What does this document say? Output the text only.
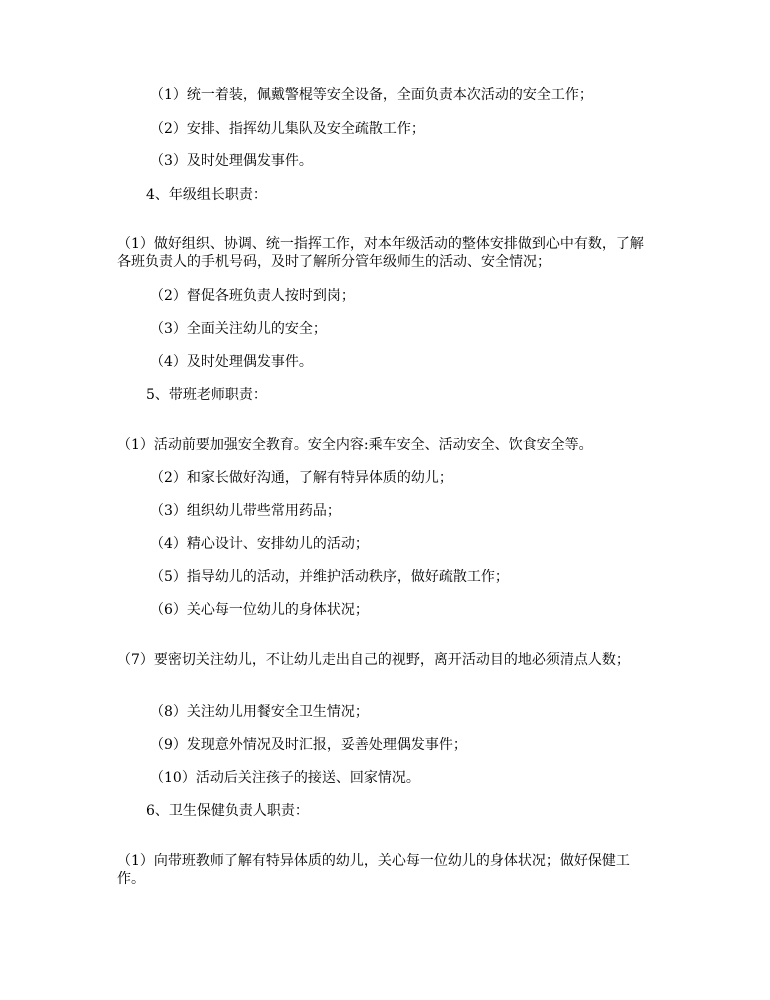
（1）统一着装，佩戴警棍等安全设备，全面负责本次活动的安全工作；
（2）安排、指挥幼儿集队及安全疏散工作；
（3）及时处理偶发事件。
4、年级组长职责：
（1）做好组织、协调、统一指挥工作，对本年级活动的整体安排做到心中有数，了解各班负责人的手机号码，及时了解所分管年级师生的活动、安全情况；
（2）督促各班负责人按时到岗；
（3）全面关注幼儿的安全；
（4）及时处理偶发事件。
5、带班老师职责：
（1）活动前要加强安全教育。安全内容:乘车安全、活动安全、饮食安全等。
（2）和家长做好沟通，了解有特异体质的幼儿；
（3）组织幼儿带些常用药品；
（4）精心设计、安排幼儿的活动；
（5）指导幼儿的活动，并维护活动秩序，做好疏散工作；
（6）关心每一位幼儿的身体状况；
（7）要密切关注幼儿，不让幼儿走出自己的视野，离开活动目的地必须清点人数；
（8）关注幼儿用餐安全卫生情况；
（9）发现意外情况及时汇报，妥善处理偶发事件；
（10）活动后关注孩子的接送、回家情况。
6、卫生保健负责人职责：
（1）向带班教师了解有特异体质的幼儿，关心每一位幼儿的身体状况；做好保健工作。
